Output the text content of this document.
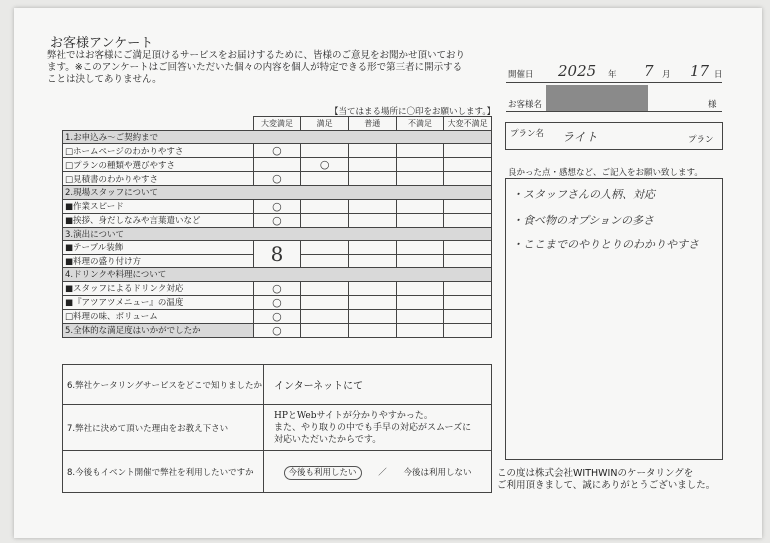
お客様アンケート
弊社ではお客様にご満足頂けるサービスをお届けするために、皆様のご意見をお聞かせ頂いております。※このアンケートはご回答いただいた個々の内容を個人が特定できる形で第三者に開示することは決してありません。
【当てはまる場所に〇印をお願いします。】
開催日 2025 年 7 月 17 日
お客様名	様
プラン名 ライト	プラン
	大変満足	満足	普通	不満足	大変不満足
1.お申込み～ご契約まで					
□ホームページのわかりやすさ	○				
□プランの種類や選びやすさ		○			
□見積書のわかりやすさ	○				
2.現場スタッフについて					
■作業スピード	○				
■挨拶、身だしなみや言葉遣いなど	○				
3.演出について					
■テーブル装飾	8				
■料理の盛り付け方					
4.ドリンクや料理について					
■スタッフによるドリンク対応	○				
■『アツアツメニュー』の温度	○				
□料理の味、ボリューム	○				
5.全体的な満足度はいかがでしたか	○				
6.弊社ケータリングサービスをどこで知りましたか	インターネットにて
7.弊社に決めて頂いた理由をお教え下さい	HPとWebサイトが分かりやすかった。
また、やり取りの中でも手早の対応がスムーズに
対応いただいたからです。

8.今後もイベント開催で弊社を利用したいですか	今後も利用したい ／ 今後は利用しない
良かった点・感想など、ご記入をお願い致します。
・スタッフさんの人柄、対応
・食べ物のオプションの多さ
・ここまでのやりとりのわかりやすさ
この度は株式会社WITHWINのケータリングを
ご利用頂きまして、誠にありがとうございました。
